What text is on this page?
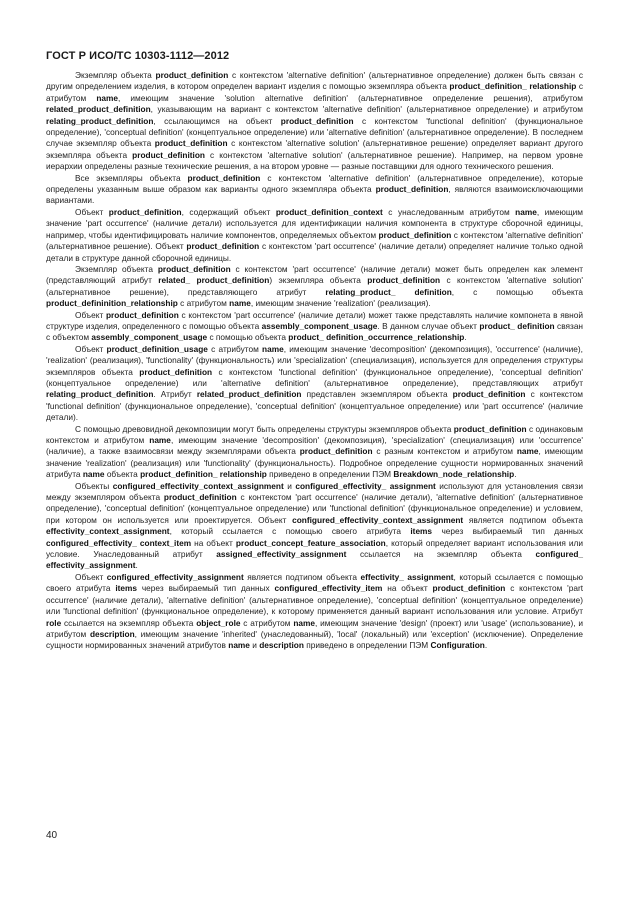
ГОСТ Р ИСО/ТС 10303-1112—2012

Экземпляр объекта product_definition с контекстом 'alternative definition' (альтернативное определение) должен быть связан с другим определением изделия, в котором определен вариант изделия с помощью экземпляра объекта product_definition_ relationship с атрибутом name, имеющим значение 'solution alternative definition' (альтернативное определение решения), атрибутом related_product_definition, указывающим на вариант с контекстом 'alternative definition' (альтернативное определение) и атрибутом relating_product_definition, ссылающимся на объект product_definition с контекстом 'functional definition' (функциональное определение), 'conceptual definition' (концептуальное определение) или 'alternative definition' (альтернативное определение). В последнем случае экземпляр объекта product_definition с контекстом 'alternative solution' (альтернативное решение) определяет вариант другого экземпляра объекта product_definition с контекстом 'alternative solution' (альтернативное решение). Например, на первом уровне иерархии определены разные технические решения, а на втором уровне — разные поставщики для одного технического решения.

Все экземпляры объекта product_definition с контекстом 'alternative definition' (альтернативное определение), которые определены указанным выше образом как варианты одного экземпляра объекта product_definition, являются взаимоисключающими вариантами.

Объект product_definition, содержащий объект product_definition_context с унаследованным атрибутом name, имеющим значение 'part occurrence' (наличие детали) используется для идентификации наличия компонента в структуре сборочной единицы, например, чтобы идентифицировать наличие компонентов, определяемых объектом product_definition с контекстом 'alternative definition' (альтернативное решение). Объект product_definition с контекстом 'part occurrence' (наличие детали) определяет наличие только одной детали в структуре данной сборочной единицы.

Экземпляр объекта product_definition с контекстом 'part occurrence' (наличие детали) может быть определен как элемент (представляющий атрибут related_ product_definition) экземпляра объекта product_definition с контекстом 'alternative solution' (альтернативное решение), представляющего атрибут relating_product_ definition, с помощью объекта product_defininition_relationship с атрибутом name, имеющим значение 'realization' (реализация).

Объект product_definition с контекстом 'part occurrence' (наличие детали) может также представлять наличие компонета в явной структуре изделия, определенного с помощью объекта assembly_component_usage. В данном случае объект product_ definition связан с объектом assembly_component_usage с помощью объекта product_ definition_occurrence_relationship.

Объект product_definition_usage с атрибутом name, имеющим значение 'decomposition' (декомпозиция), 'occurrence' (наличие), 'realization' (реализация), 'functionality' (функциональность) или 'specialization' (специализация), используется для определения структуры экземпляров объекта product_definition с контекстом 'functional definition' (функциональное определение), 'conceptual definition' (концептуальное определение) или 'alternative definition' (альтернативное определение), представляющих атрибут relating_product_definition. Атрибут related_product_definition представлен экземпляром объекта product_definition с контекстом 'functional definition' (функциональное определение), 'conceptual definition' (концептуальное определение) или 'part occurrence' (наличие детали).

С помощью древовидной декомпозиции могут быть определены структуры экземпляров объекта product_definition с одинаковым контекстом и атрибутом name, имеющим значение 'decomposition' (декомпозиция), 'specialization' (специализация) или 'occurrence' (наличие), а также взаимосвязи между экземплярами объекта product_definition с разным контекстом и атрибутом name, имеющим значение 'realization' (реализация) или 'functionality' (функциональность). Подробное определение сущности нормированных значений атрибута name объекта product_definition_ relationship приведено в определении ПЭМ Breakdown_node_relationship.

Объекты configured_effectivity_context_assignment и configured_effectivity_ assignment используют для установления связи между экземпляром объекта product_definition с контекстом 'part occurrence' (наличие детали), 'alternative definition' (альтернативное определение), 'conceptual definition' (концептуальное определение) или 'functional definition' (функциональное определение) и условием, при котором он используется или проектируется. Объект configured_effectivity_context_assignment является подтипом объекта effectivity_context_assignment, который ссылается с помощью своего атрибута items через выбираемый тип данных configured_effectivity_ context_item на объект product_concept_feature_association, который определяет вариант использования или условие. Унаследованный атрибут assigned_effectivity_assignment ссылается на экземпляр объекта configured_ effectivity_assignment.

Объект configured_effectivity_assignment является подтипом объекта effectivity_ assignment, который ссылается с помощью своего атрибута items через выбираемый тип данных configured_effectivity_item на объект product_definition с контекстом 'part occurrence' (наличие детали), 'alternative definition' (альтернативное определение), 'conceptual definition' (концептуальное определение) или 'functional definition' (функциональное определение), к которому применяется данный вариант использования или условие. Атрибут role ссылается на экземпляр объекта object_role с атрибутом name, имеющим значение 'design' (проект) или 'usage' (использование), и атрибутом description, имеющим значение 'inherited' (унаследованный), 'local' (локальный) или 'exception' (исключение). Определение сущности нормированных значений атрибутов name и description приведено в определении ПЭМ Configuration.

40
